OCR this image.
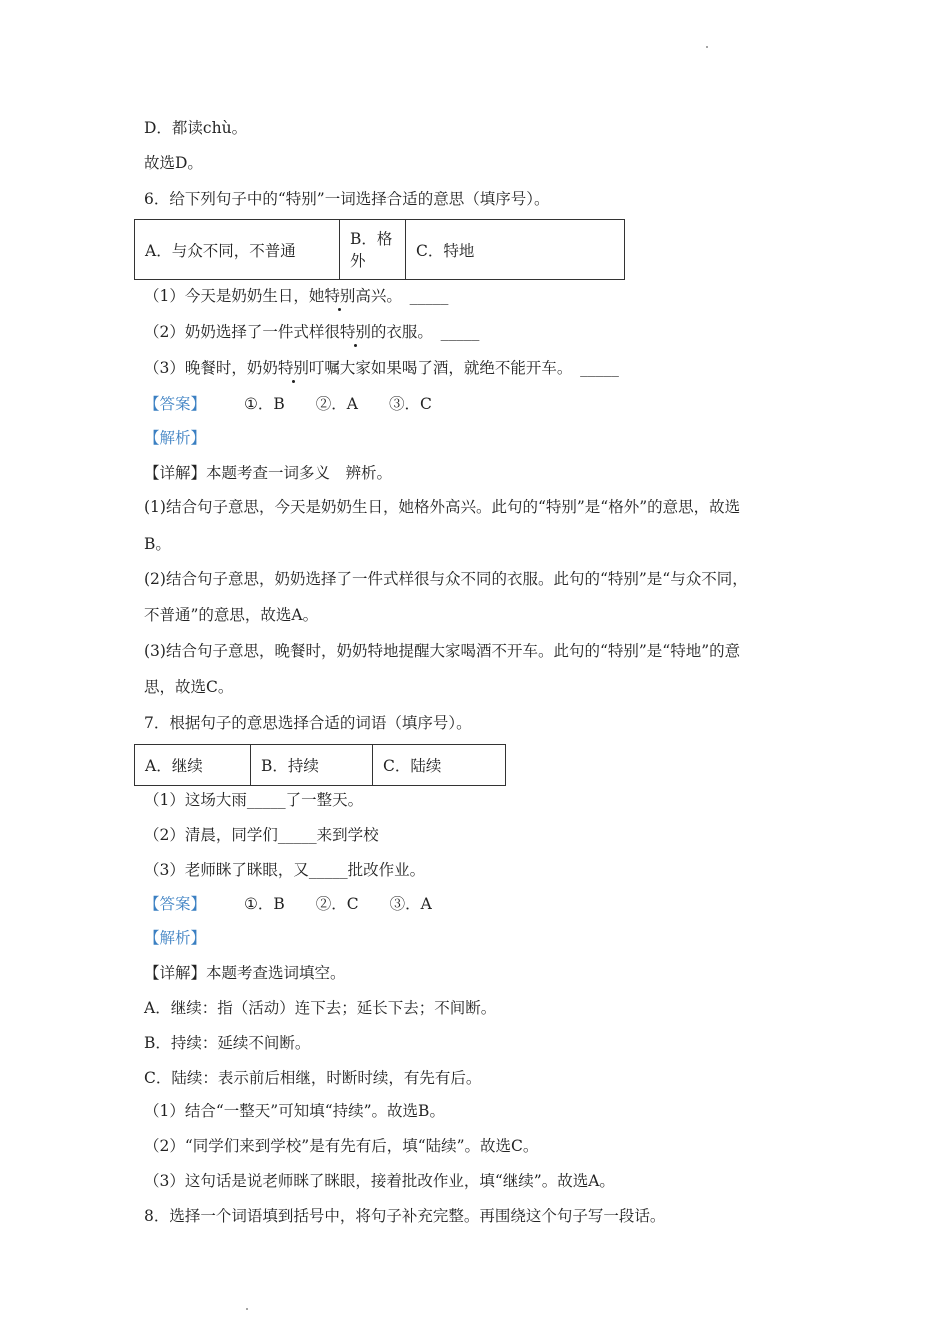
D．都读chù。
故选D。
6．给下列句子中的“特别”一词选择合适的意思（填序号）。
A．与众不同，不普通	B．格外	C．特地
（1）今天是奶奶生日，她特别高兴。　_____
（2）奶奶选择了一件式样很特别的衣服。　_____
（3）晚餐时，奶奶特别叮嘱大家如果喝了酒，就绝不能开车。　_____
【答案】 ①．B　　②．A　　③．C
【解析】
【详解】本题考查一词多义　辨析。
(1)结合句子意思，今天是奶奶生日，她格外高兴。此句的“特别”是“格外”的意思，故选
B。
(2)结合句子意思，奶奶选择了一件式样很与众不同的衣服。此句的“特别”是“与众不同，
不普通”的意思，故选A。
(3)结合句子意思，晚餐时，奶奶特地提醒大家喝酒不开车。此句的“特别”是“特地”的意
思，故选C。
7．根据句子的意思选择合适的词语（填序号）。
A．继续	B．持续	C．陆续
（1）这场大雨_____了一整天。
（2）清晨，同学们_____来到学校
（3）老师眯了眯眼，又_____批改作业。
【答案】 ①．B　　②．C　　③．A
【解析】
【详解】本题考查选词填空。
A．继续：指（活动）连下去；延长下去；不间断。
B．持续：延续不间断。
C．陆续：表示前后相继，时断时续，有先有后。
（1）结合“一整天”可知填“持续”。故选B。
（2）“同学们来到学校”是有先有后，填“陆续”。故选C。
（3）这句话是说老师眯了眯眼，接着批改作业，填“继续”。故选A。
8．选择一个词语填到括号中，将句子补充完整。再围绕这个句子写一段话。
